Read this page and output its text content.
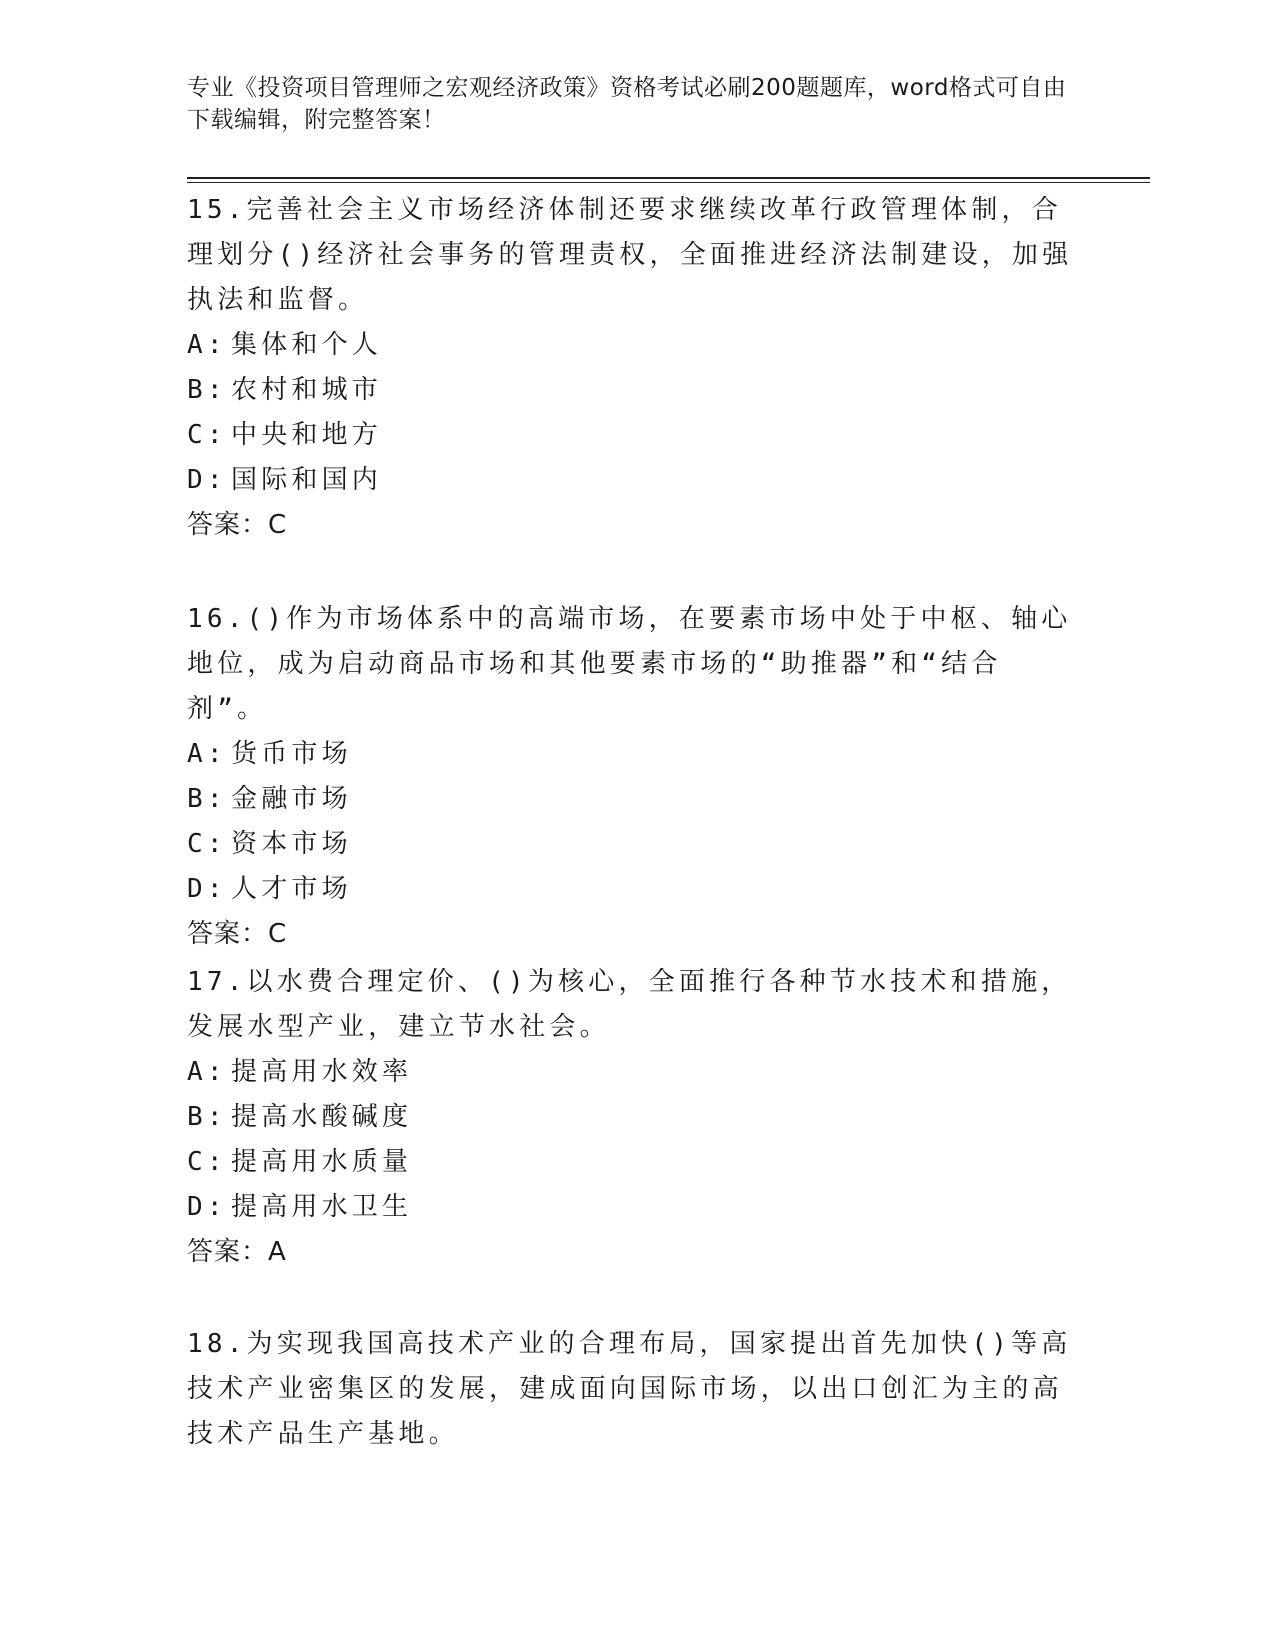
专业《投资项目管理师之宏观经济政策》资格考试必刷200题题库，word格式可自由下载编辑，附完整答案！

15.完善社会主义市场经济体制还要求继续改革行政管理体制，合理划分()经济社会事务的管理责权，全面推进经济法制建设，加强执法和监督。

A: 集体和个人
B: 农村和城市
C: 中央和地方
D: 国际和国内
答案：C

16.()作为市场体系中的高端市场，在要素市场中处于中枢、轴心地位，成为启动商品市场和其他要素市场的“助推器”和“结合剂”。

A: 货币市场
B: 金融市场
C: 资本市场
D: 人才市场
答案：C

17.以水费合理定价、()为核心，全面推行各种节水技术和措施，发展水型产业，建立节水社会。

A: 提高用水效率
B: 提高水酸碱度
C: 提高用水质量
D: 提高用水卫生
答案：A

18.为实现我国高技术产业的合理布局，国家提出首先加快()等高技术产业密集区的发展，建成面向国际市场，以出口创汇为主的高技术产品生产基地。
